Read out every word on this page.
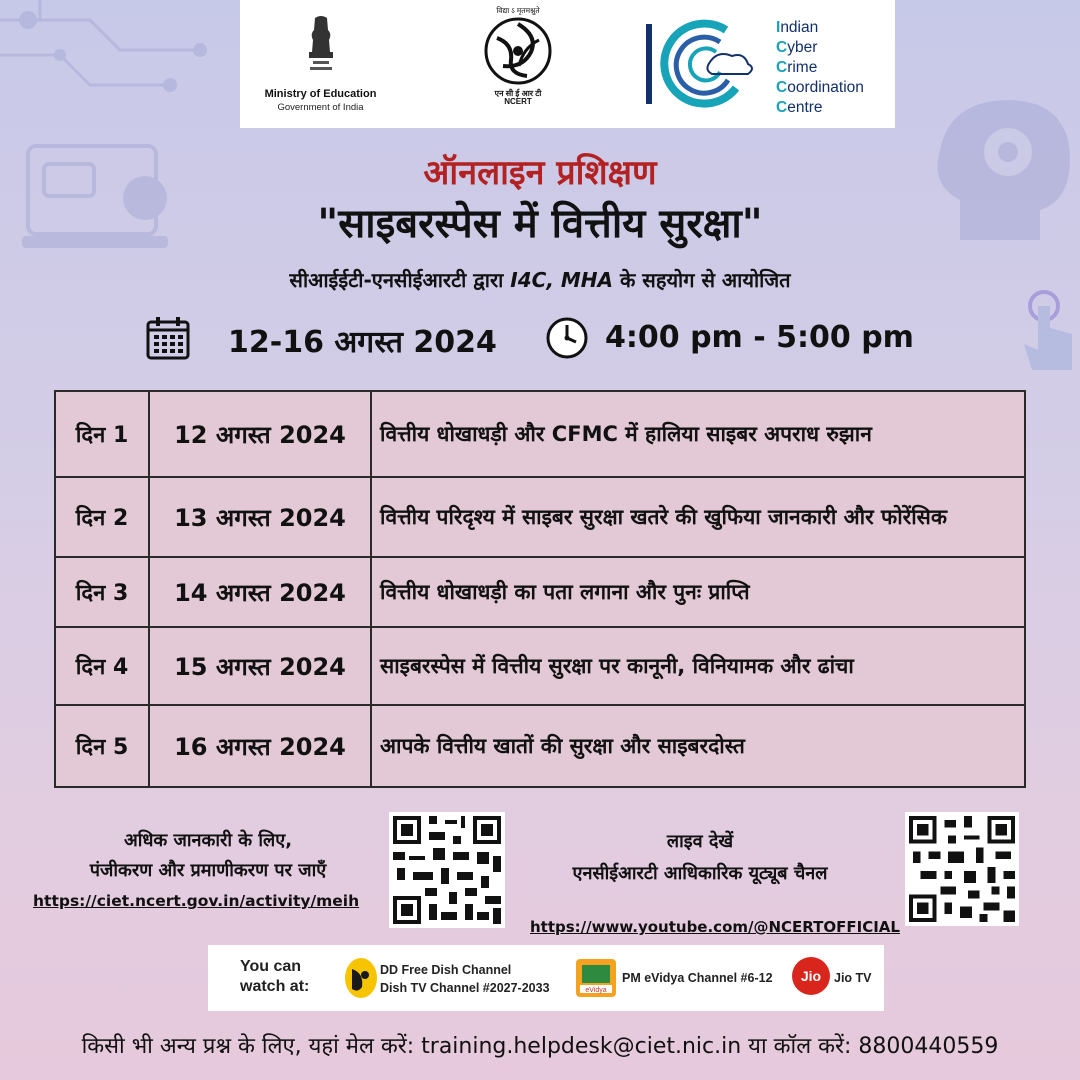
Ministry of Education
Government of India
विद्या ऽ मृतमश्नुते
एन सी ई आर टी
NCERT
Indian
Cyber
Crime
Coordination
Centre
ऑनलाइन प्रशिक्षण
"साइबरस्पेस में वित्तीय सुरक्षा"
सीआईईटी-एनसीईआरटी द्वारा I4C, MHA के सहयोग से आयोजित
12-16 अगस्त 2024	4:00 pm - 5:00 pm
दिन 1	12 अगस्त 2024	वित्तीय धोखाधड़ी और CFMC में हालिया साइबर अपराध रुझान
दिन 2	13 अगस्त 2024	वित्तीय परिदृश्य में साइबर सुरक्षा खतरे की खुफिया जानकारी और फोरेंसिक
दिन 3	14 अगस्त 2024	वित्तीय धोखाधड़ी का पता लगाना और पुनः प्राप्ति
दिन 4	15 अगस्त 2024	साइबरस्पेस में वित्तीय सुरक्षा पर कानूनी, विनियामक और ढांचा
दिन 5	16 अगस्त 2024	आपके वित्तीय खातों की सुरक्षा और साइबरदोस्त
अधिक जानकारी के लिए,
पंजीकरण और प्रमाणीकरण पर जाएँ
https://ciet.ncert.gov.in/activity/meih
लाइव देखें
एनसीईआरटी आधिकारिक यूट्यूब चैनल
https://www.youtube.com/@NCERTOFFICIAL
You can
watch at:
DD Free Dish Channel
Dish TV Channel #2027-2033	eVidya
PM eVidya Channel #6-12	Jio	Jio TV
किसी भी अन्य प्रश्न के लिए, यहां मेल करें: training.helpdesk@ciet.nic.in या कॉल करें: 8800440559
